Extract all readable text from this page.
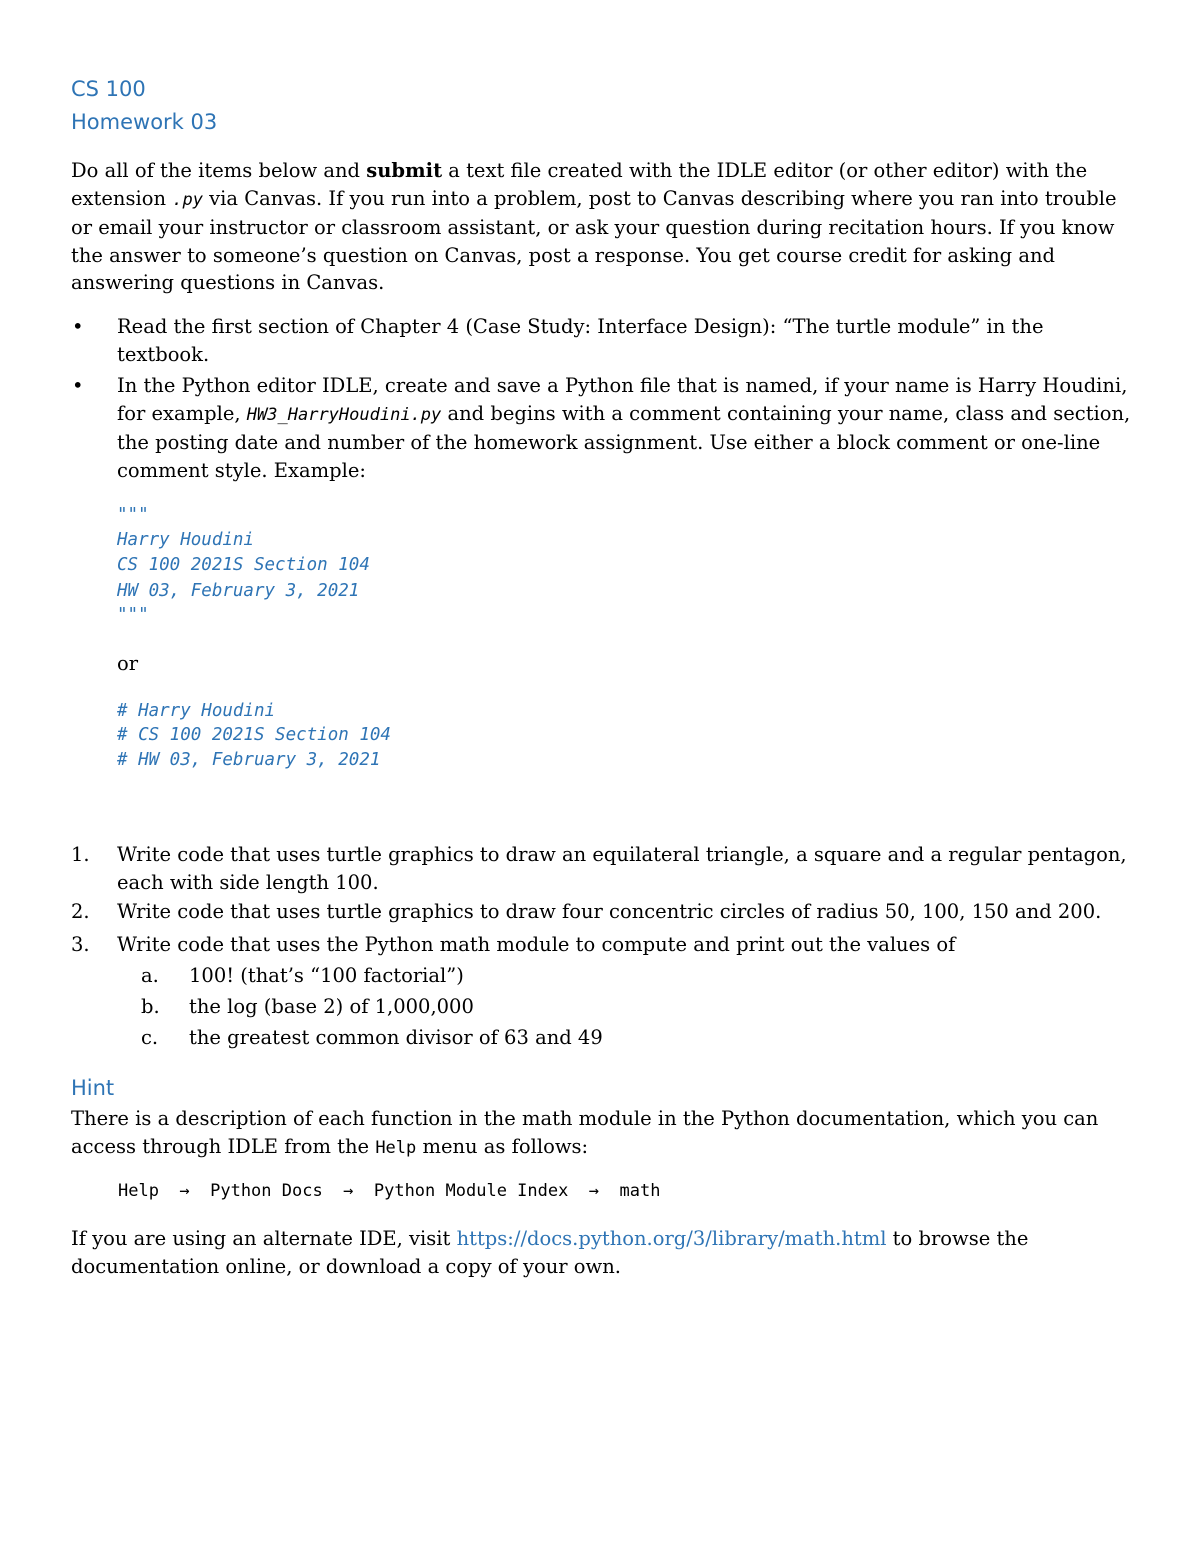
CS 100
Homework 03
Do all of the items below and submit a text file created with the IDLE editor (or other editor) with the extension .py via Canvas. If you run into a problem, post to Canvas describing where you ran into trouble or email your instructor or classroom assistant, or ask your question during recitation hours. If you know the answer to someone’s question on Canvas, post a response. You get course credit for asking and answering questions in Canvas.
• Read the first section of Chapter 4 (Case Study: Interface Design): “The turtle module” in the textbook.
• In the Python editor IDLE, create and save a Python file that is named, if your name is Harry Houdini, for example, HW3_HarryHoudini.py and begins with a comment containing your name, class and section, the posting date and number of the homework assignment. Use either a block comment or one-line comment style. Example:
"""
Harry Houdini
CS 100 2021S Section 104
HW 03, February 3, 2021
"""
or
# Harry Houdini
# CS 100 2021S Section 104
# HW 03, February 3, 2021
1. Write code that uses turtle graphics to draw an equilateral triangle, a square and a regular pentagon, each with side length 100.
2. Write code that uses turtle graphics to draw four concentric circles of radius 50, 100, 150 and 200.
3. Write code that uses the Python math module to compute and print out the values of
a. 100! (that’s “100 factorial”)
b. the log (base 2) of 1,000,000
c. the greatest common divisor of 63 and 49
Hint
There is a description of each function in the math module in the Python documentation, which you can access through IDLE from the Help menu as follows:
Help  →  Python Docs  →  Python Module Index  →  math
If you are using an alternate IDE, visit https://docs.python.org/3/library/math.html to browse the documentation online, or download a copy of your own.
